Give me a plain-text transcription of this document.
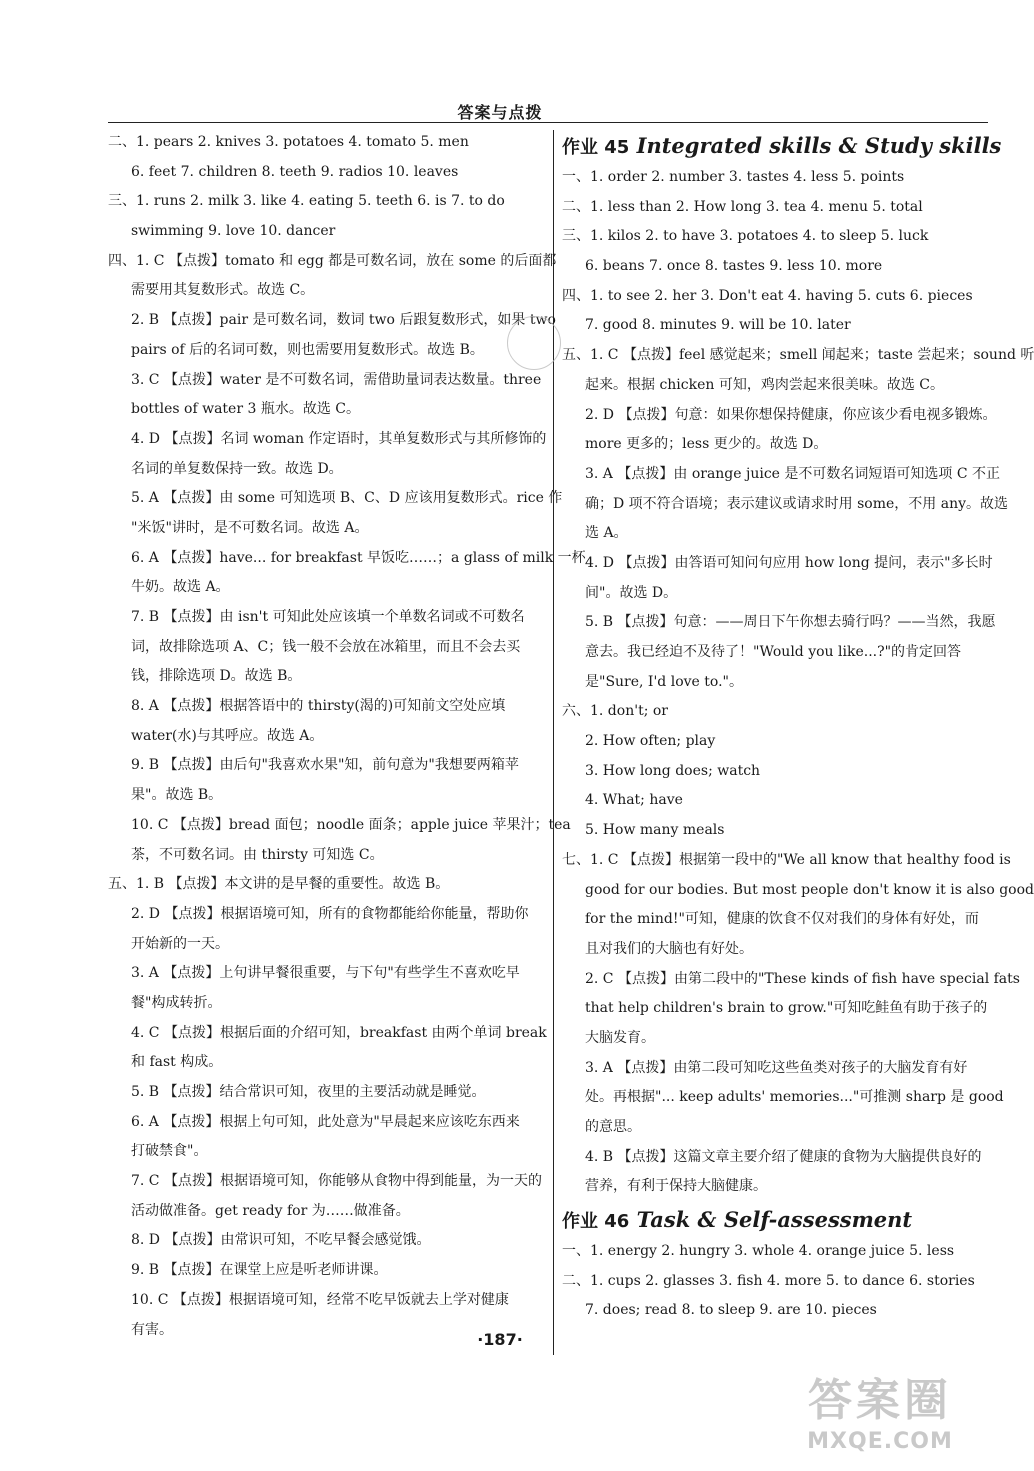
答案与点拨
二、1. pears 2. knives 3. potatoes 4. tomato 5. men
6. feet 7. children 8. teeth 9. radios 10. leaves
三、1. runs 2. milk 3. like 4. eating 5. teeth 6. is 7. to do
swimming 9. love 10. dancer
四、1. C 【点拨】tomato 和 egg 都是可数名词，放在 some 的后面都
需要用其复数形式。故选 C。
2. B 【点拨】pair 是可数名词，数词 two 后跟复数形式，如果 two
pairs of 后的名词可数，则也需要用复数形式。故选 B。
3. C 【点拨】water 是不可数名词，需借助量词表达数量。three
bottles of water 3 瓶水。故选 C。
4. D 【点拨】名词 woman 作定语时，其单复数形式与其所修饰的
名词的单复数保持一致。故选 D。
5. A 【点拨】由 some 可知选项 B、C、D 应该用复数形式。rice 作
"米饭"讲时，是不可数名词。故选 A。
6. A 【点拨】have... for breakfast 早饭吃……；a glass of milk 一杯
牛奶。故选 A。
7. B 【点拨】由 isn't 可知此处应该填一个单数名词或不可数名
词，故排除选项 A、C；钱一般不会放在冰箱里，而且不会去买
钱，排除选项 D。故选 B。
8. A 【点拨】根据答语中的 thirsty(渴的)可知前文空处应填
water(水)与其呼应。故选 A。
9. B 【点拨】由后句"我喜欢水果"知，前句意为"我想要两箱苹
果"。故选 B。
10. C 【点拨】bread 面包；noodle 面条；apple juice 苹果汁；tea
茶，不可数名词。由 thirsty 可知选 C。
五、1. B 【点拨】本文讲的是早餐的重要性。故选 B。
2. D 【点拨】根据语境可知，所有的食物都能给你能量，帮助你
开始新的一天。
3. A 【点拨】上句讲早餐很重要，与下句"有些学生不喜欢吃早
餐"构成转折。
4. C 【点拨】根据后面的介绍可知，breakfast 由两个单词 break
和 fast 构成。
5. B 【点拨】结合常识可知，夜里的主要活动就是睡觉。
6. A 【点拨】根据上句可知，此处意为"早晨起来应该吃东西来
打破禁食"。
7. C 【点拨】根据语境可知，你能够从食物中得到能量，为一天的
活动做准备。get ready for 为……做准备。
8. D 【点拨】由常识可知，不吃早餐会感觉饿。
9. B 【点拨】在课堂上应是听老师讲课。
10. C 【点拨】根据语境可知，经常不吃早饭就去上学对健康
有害。
作业 45 Integrated skills & Study skills
一、1. order 2. number 3. tastes 4. less 5. points
二、1. less than 2. How long 3. tea 4. menu 5. total
三、1. kilos 2. to have 3. potatoes 4. to sleep 5. luck
6. beans 7. once 8. tastes 9. less 10. more
四、1. to see 2. her 3. Don't eat 4. having 5. cuts 6. pieces
7. good 8. minutes 9. will be 10. later
五、1. C 【点拨】feel 感觉起来；smell 闻起来；taste 尝起来；sound 听
起来。根据 chicken 可知，鸡肉尝起来很美味。故选 C。
2. D 【点拨】句意：如果你想保持健康，你应该少看电视多锻炼。
more 更多的；less 更少的。故选 D。
3. A 【点拨】由 orange juice 是不可数名词短语可知选项 C 不正
确；D 项不符合语境；表示建议或请求时用 some，不用 any。故选
选 A。
4. D 【点拨】由答语可知问句应用 how long 提问，表示"多长时
间"。故选 D。
5. B 【点拨】句意：——周日下午你想去骑行吗？——当然，我愿
意去。我已经迫不及待了！"Would you like...?"的肯定回答
是"Sure, I'd love to."。
六、1. don't; or
2. How often; play
3. How long does; watch
4. What; have
5. How many meals
七、1. C 【点拨】根据第一段中的"We all know that healthy food is
good for our bodies. But most people don't know it is also good
for the mind!"可知，健康的饮食不仅对我们的身体有好处，而
且对我们的大脑也有好处。
2. C 【点拨】由第二段中的"These kinds of fish have special fats
that help children's brain to grow."可知吃鲑鱼有助于孩子的
大脑发育。
3. A 【点拨】由第二段可知吃这些鱼类对孩子的大脑发育有好
处。再根据"... keep adults' memories..."可推测 sharp 是 good
的意思。
4. B 【点拨】这篇文章主要介绍了健康的食物为大脑提供良好的
营养，有利于保持大脑健康。
作业 46 Task & Self-assessment
一、1. energy 2. hungry 3. whole 4. orange juice 5. less
二、1. cups 2. glasses 3. fish 4. more 5. to dance 6. stories
7. does; read 8. to sleep 9. are 10. pieces
·187·
答案圈
MXQE.COM
